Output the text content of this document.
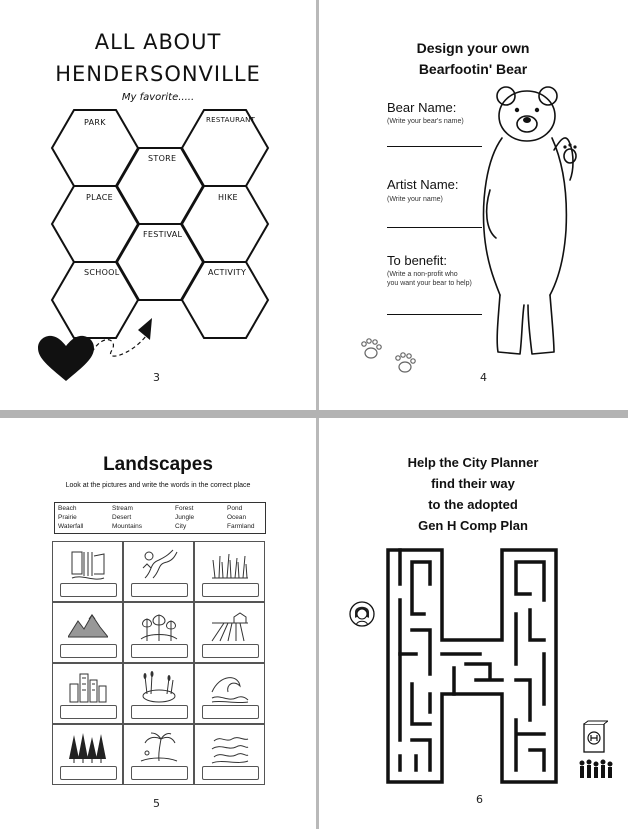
ALL ABOUT
HENDERSONVILLE
My favorite.....
PARK	RESTAURANT
STORE
PLACE	HIKE
FESTIVAL
SCHOOL	ACTIVITY
3
Design your own
Bearfootin' Bear
Bear Name:
(Write your bear's name)
Artist Name:
(Write your name)
To benefit:
(Write a non-profit who
you want your bear to help)
4
Landscapes
Look at the pictures and write the words in the correct place
Beach	Stream	Forest	Pond
Prairie	Desert	Jungle	Ocean
Waterfall	Mountains	City	Farmland
5
Help the City Planner
find their way
to the adopted
Gen H Comp Plan
6
